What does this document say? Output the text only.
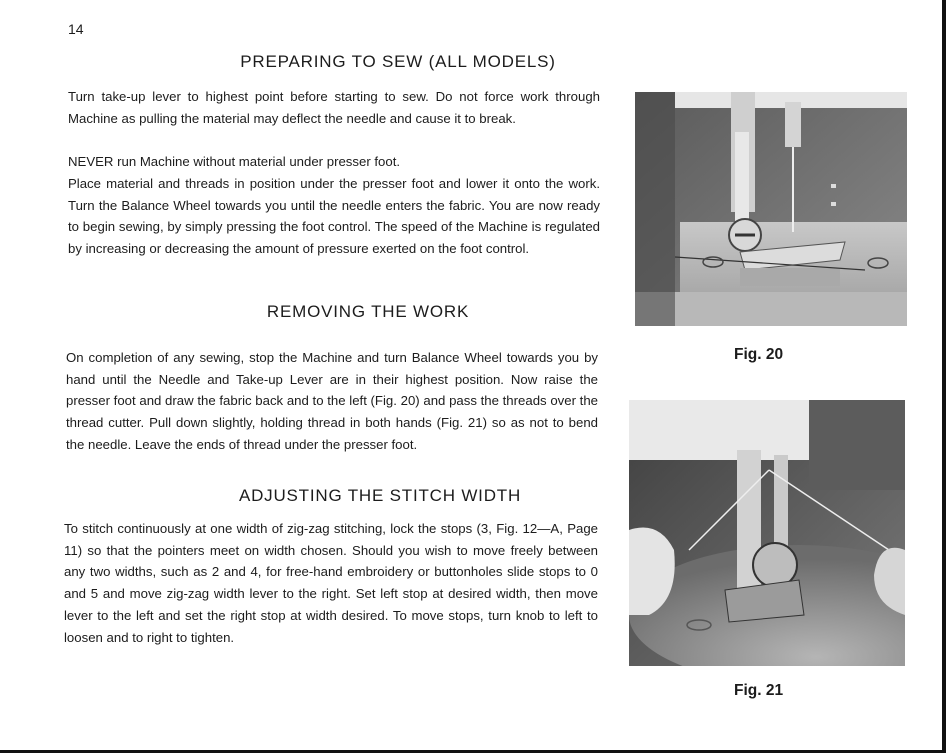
14
PREPARING TO SEW (ALL MODELS)

Turn take-up lever to highest point before starting to sew. Do not force work through Machine as pulling the material may deflect the needle and cause it to break.

NEVER run Machine without material under presser foot.

Place material and threads in position under the presser foot and lower it onto the work. Turn the Balance Wheel towards you until the needle enters the fabric. You are now ready to begin sewing, by simply pressing the foot control. The speed of the Machine is regulated by increasing or decreasing the amount of pressure exerted on the foot control.

REMOVING THE WORK

On completion of any sewing, stop the Machine and turn Balance Wheel towards you by hand until the Needle and Take-up Lever are in their highest position. Now raise the presser foot and draw the fabric back and to the left (Fig. 20) and pass the threads over the thread cutter. Pull down slightly, holding thread in both hands (Fig. 21) so as not to bend the needle. Leave the ends of thread under the presser foot.

ADJUSTING THE STITCH WIDTH

To stitch continuously at one width of zig-zag stitching, lock the stops (3, Fig. 12—A, Page 11) so that the pointers meet on width chosen. Should you wish to move freely between any two widths, such as 2 and 4, for free-hand embroidery or buttonholes slide stops to 0 and 5 and move zig-zag width lever to the right. Set left stop at desired width, then move lever to the left and set the right stop at width desired. To move stops, turn knob to left to loosen and to right to tighten.

Fig. 20
Fig. 21
